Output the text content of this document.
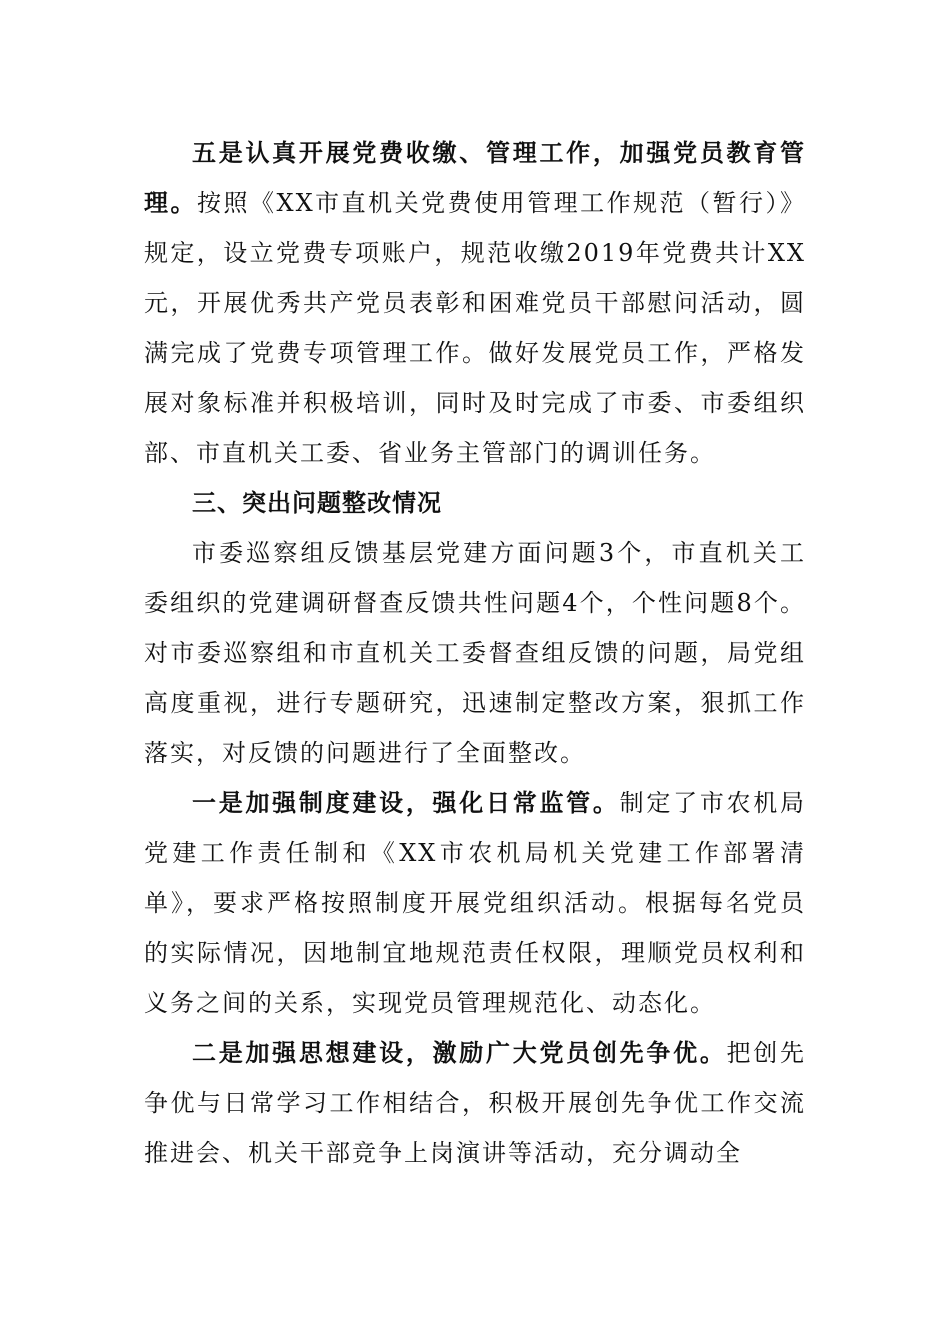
五是认真开展党费收缴、管理工作，加强党员教育管理。按照《XX市直机关党费使用管理工作规范（暂行）》规定，设立党费专项账户，规范收缴2019年党费共计XX元，开展优秀共产党员表彰和困难党员干部慰问活动，圆满完成了党费专项管理工作。做好发展党员工作，严格发展对象标准并积极培训，同时及时完成了市委、市委组织部、市直机关工委、省业务主管部门的调训任务。

三、突出问题整改情况

市委巡察组反馈基层党建方面问题3个，市直机关工委组织的党建调研督查反馈共性问题4个，个性问题8个。对市委巡察组和市直机关工委督查组反馈的问题，局党组高度重视，进行专题研究，迅速制定整改方案，狠抓工作落实，对反馈的问题进行了全面整改。

一是加强制度建设，强化日常监管。制定了市农机局党建工作责任制和《XX市农机局机关党建工作部署清单》，要求严格按照制度开展党组织活动。根据每名党员的实际情况，因地制宜地规范责任权限，理顺党员权利和义务之间的关系，实现党员管理规范化、动态化。

二是加强思想建设，激励广大党员创先争优。把创先争优与日常学习工作相结合，积极开展创先争优工作交流推进会、机关干部竞争上岗演讲等活动，充分调动全
